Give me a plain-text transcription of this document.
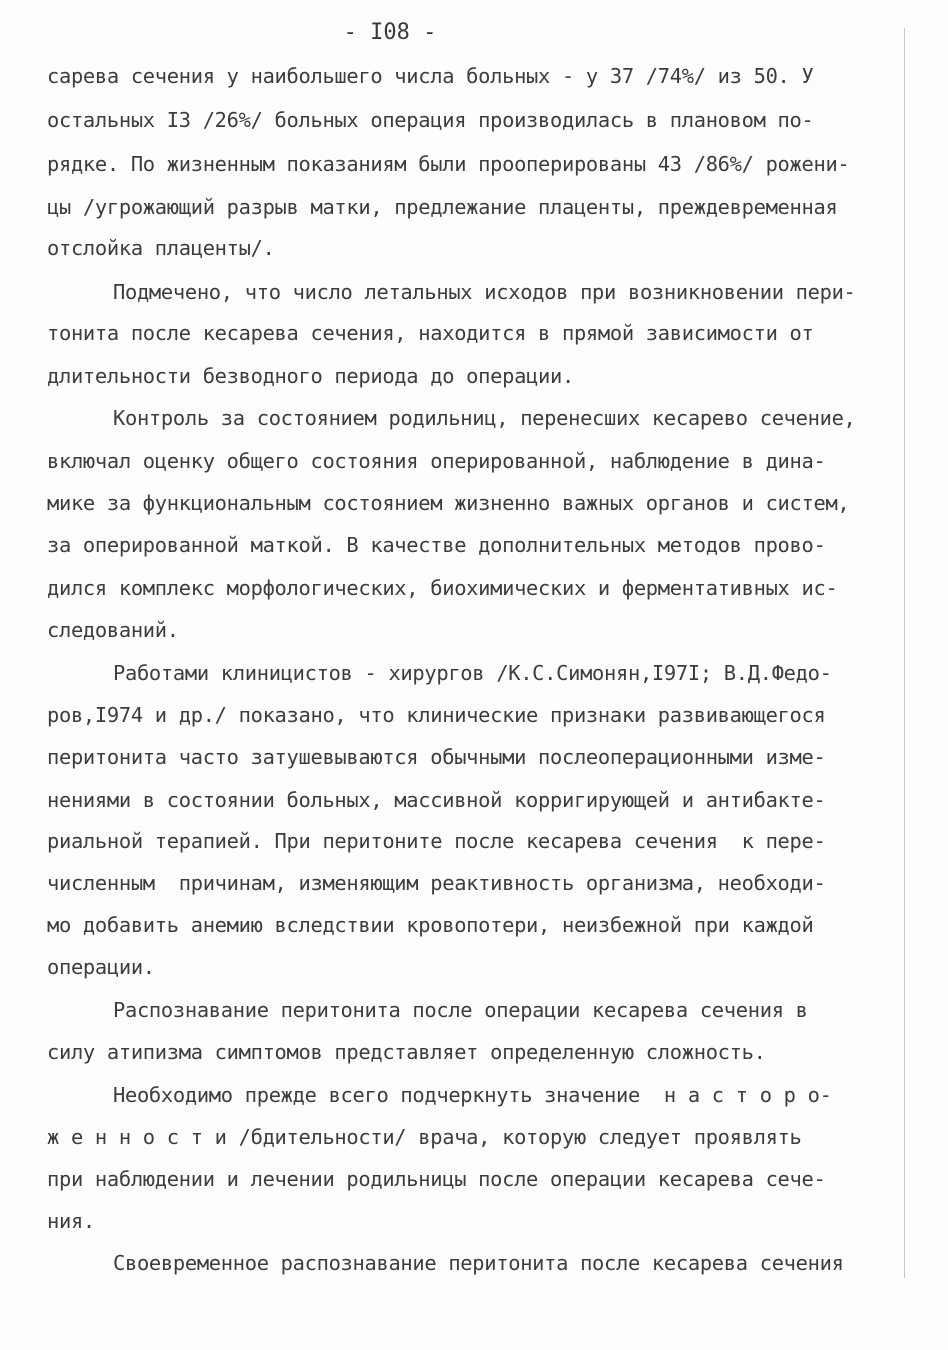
- I08 -
сарева сечения у наибольшего числа больных - у 37 /74%/ из 50. У
остальных I3 /26%/ больных операция производилась в плановом по-
рядке. По жизненным показаниям были прооперированы 43 /86%/ рожени-
цы /угрожающий разрыв матки, предлежание плаценты, преждевременная
отслойка плаценты/.
Подмечено, что число летальных исходов при возникновении пери-
тонита после кесарева сечения, находится в прямой зависимости от
длительности безводного периода до операции.
Контроль за состоянием родильниц, перенесших кесарево сечение,
включал оценку общего состояния оперированной, наблюдение в дина-
мике за функциональным состоянием жизненно важных органов и систем,
за оперированной маткой. В качестве дополнительных методов прово-
дился комплекс морфологических, биохимических и ферментативных ис-
следований.
Работами клиницистов - хирургов /К.С.Симонян,I97I; В.Д.Федо-
ров,I974 и др./ показано, что клинические признаки развивающегося
перитонита часто затушевываются обычными послеоперационными изме-
нениями в состоянии больных, массивной корригирующей и антибакте-
риальной терапией. При перитоните после кесарева сечения  к пере-
численным  причинам, изменяющим реактивность организма, необходи-
мо добавить анемию вследствии кровопотери, неизбежной при каждой
операции.
Распознавание перитонита после операции кесарева сечения в
силу атипизма симптомов представляет определенную сложность.
Необходимо прежде всего подчеркнуть значение  н а с т о р о-
ж е н н о с т и /бдительности/ врача, которую следует проявлять
при наблюдении и лечении родильницы после операции кесарева сече-
ния.
Своевременное распознавание перитонита после кесарева сечения
